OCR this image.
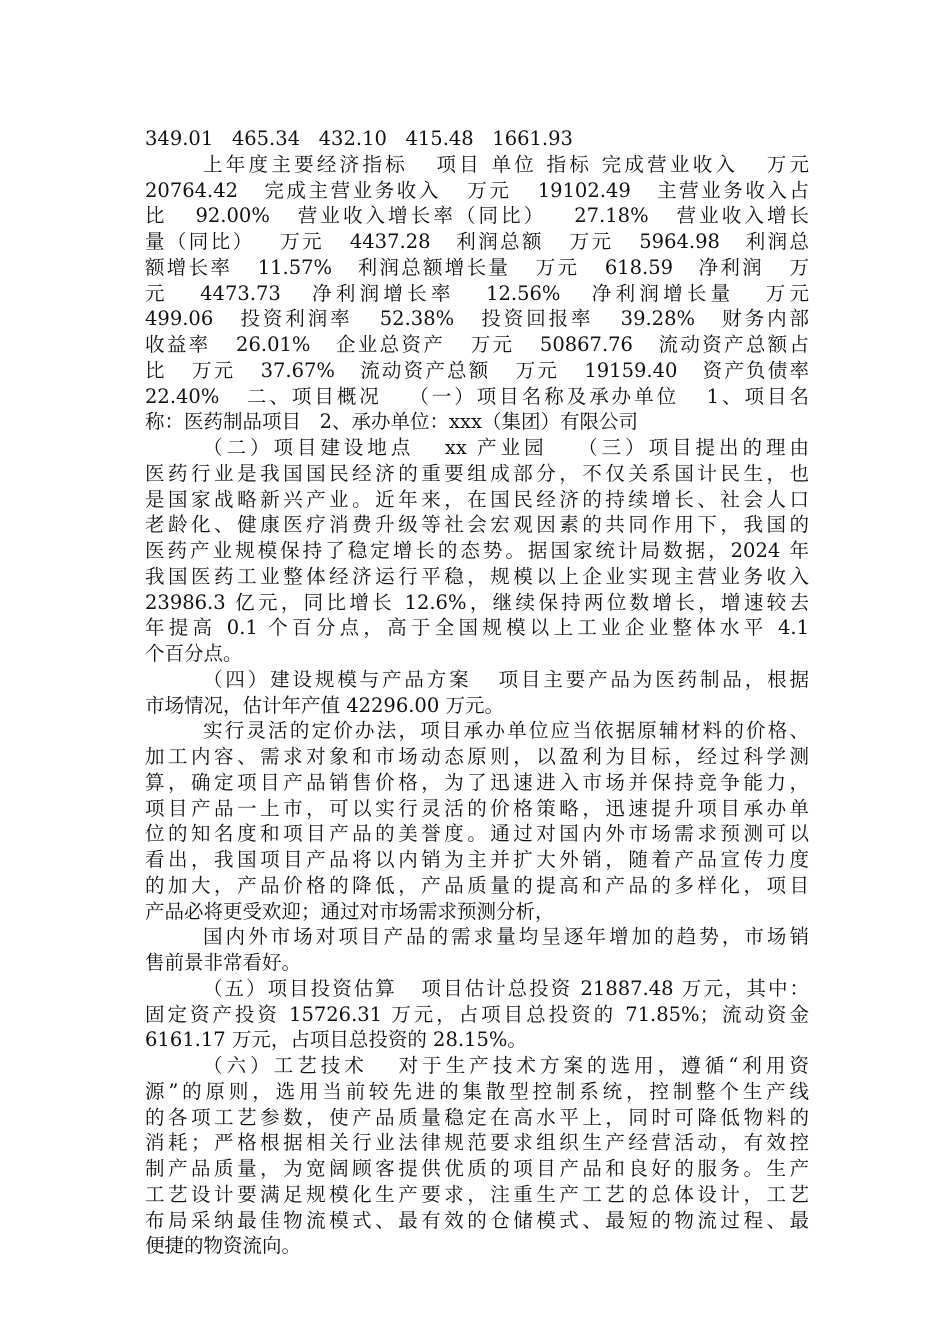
349.01   465.34   432.10   415.48   1661.93
上年度主要经济指标   项目 单位 指标 完成营业收入   万元
20764.42   完成主营业务收入   万元   19102.49   主营业务收入占
比   92.00%   营业收入增长率（同比）   27.18%   营业收入增长
量（同比）   万元   4437.28   利润总额   万元   5964.98   利润总
额增长率   11.57%   利润总额增长量   万元   618.59   净利润   万
元   4473.73   净利润增长率   12.56%   净利润增长量   万元
499.06   投资利润率   52.38%   投资回报率   39.28%   财务内部
收益率   26.01%   企业总资产   万元   50867.76   流动资产总额占
比   万元   37.67%   流动资产总额   万元   19159.40   资产负债率
22.40%   二、项目概况   （一）项目名称及承办单位   1、项目名
称：医药制品项目   2、承办单位：xxx（集团）有限公司
（二）项目建设地点   xx 产业园   （三）项目提出的理由
医药行业是我国国民经济的重要组成部分，不仅关系国计民生，也
是国家战略新兴产业。近年来，在国民经济的持续增长、社会人口
老龄化、健康医疗消费升级等社会宏观因素的共同作用下，我国的
医药产业规模保持了稳定增长的态势。据国家统计局数据，2024 年
我国医药工业整体经济运行平稳，规模以上企业实现主营业务收入
23986.3 亿元，同比增长 12.6%，继续保持两位数增长，增速较去
年提高 0.1 个百分点，高于全国规模以上工业企业整体水平 4.1
个百分点。
（四）建设规模与产品方案   项目主要产品为医药制品，根据
市场情况，估计年产值 42296.00 万元。
实行灵活的定价办法，项目承办单位应当依据原辅材料的价格、
加工内容、需求对象和市场动态原则，以盈利为目标，经过科学测
算，确定项目产品销售价格，为了迅速进入市场并保持竞争能力，
项目产品一上市，可以实行灵活的价格策略，迅速提升项目承办单
位的知名度和项目产品的美誉度。通过对国内外市场需求预测可以
看出，我国项目产品将以内销为主并扩大外销，随着产品宣传力度
的加大，产品价格的降低，产品质量的提高和产品的多样化，项目
产品必将更受欢迎；通过对市场需求预测分析，
国内外市场对项目产品的需求量均呈逐年增加的趋势，市场销
售前景非常看好。
（五）项目投资估算   项目估计总投资 21887.48 万元，其中：
固定资产投资 15726.31 万元，占项目总投资的 71.85%；流动资金
6161.17 万元，占项目总投资的 28.15%。
（六）工艺技术   对于生产技术方案的选用，遵循“利用资
源”的原则，选用当前较先进的集散型控制系统，控制整个生产线
的各项工艺参数，使产品质量稳定在高水平上，同时可降低物料的
消耗；严格根据相关行业法律规范要求组织生产经营活动，有效控
制产品质量，为宽阔顾客提供优质的项目产品和良好的服务。生产
工艺设计要满足规模化生产要求，注重生产工艺的总体设计，工艺
布局采纳最佳物流模式、最有效的仓储模式、最短的物流过程、最
便捷的物资流向。
